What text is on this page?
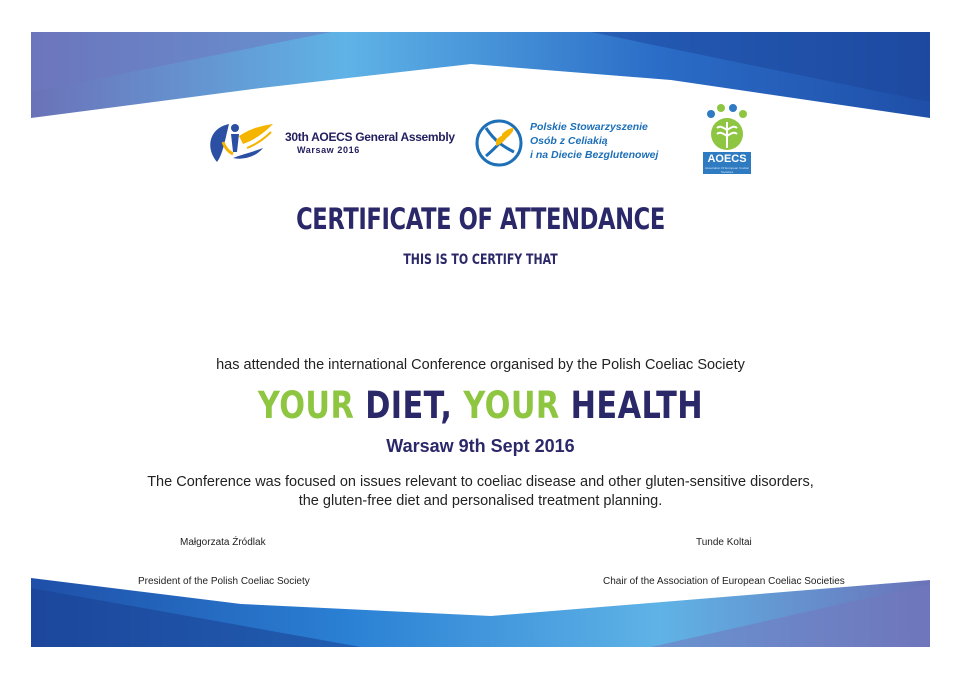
30th AOECS General Assembly
Warsaw 2016
Polskie Stowarzyszenie
Osób z Celiakią
i na Diecie Bezglutenowej	AOECS
Association Of European Coeliac Societies
CERTIFICATE OF ATTENDANCE
THIS IS TO CERTIFY THAT
has attended the international Conference organised by the Polish Coeliac Society
YOUR DIET, YOUR HEALTH
Warsaw 9th Sept 2016
The Conference was focused on issues relevant to coeliac disease and other gluten-sensitive disorders,
the gluten-free diet and personalised treatment planning.
Małgorzata Źródlak	Tunde Koltai
President of the Polish Coeliac Society	Chair of the Association of European Coeliac Societies
